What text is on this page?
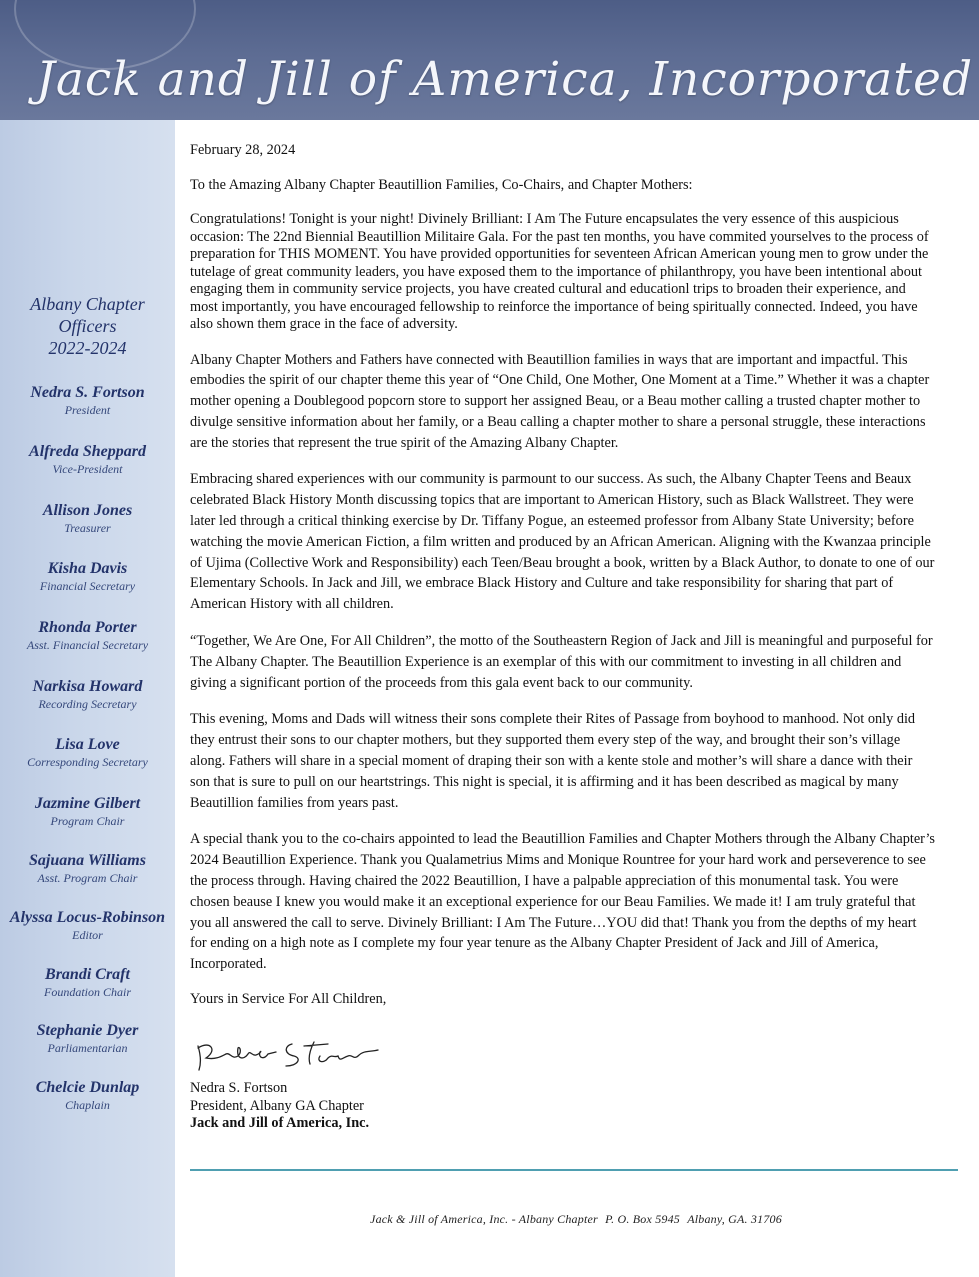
Jack and Jill of America, Incorporated
Albany Chapter
Officers
2022-2024
Nedra S. Fortson
President
Alfreda Sheppard
Vice-President
Allison Jones
Treasurer
Kisha Davis
Financial Secretary
Rhonda Porter
Asst. Financial Secretary
Narkisa Howard
Recording Secretary
Lisa Love
Corresponding Secretary
Jazmine Gilbert
Program Chair
Sajuana Williams
Asst. Program Chair
Alyssa Locus-Robinson
Editor
Brandi Craft
Foundation Chair
Stephanie Dyer
Parliamentarian
Chelcie Dunlap
Chaplain

February 28, 2024

To the Amazing Albany Chapter Beautillion Families, Co-Chairs, and Chapter Mothers:

Congratulations! Tonight is your night! Divinely Brilliant: I Am The Future encapsulates the very essence of this auspicious occasion: The 22nd Biennial Beautillion Militaire Gala. For the past ten months, you have commited yourselves to the process of preparation for THIS MOMENT. You have provided opportunities for seventeen African American young men to grow under the tutelage of great community leaders, you have exposed them to the importance of philanthropy, you have been intentional about engaging them in community service projects, you have created cultural and educationl trips to broaden their experience, and most importantly, you have encouraged fellowship to reinforce the importance of being spiritually connected. Indeed, you have also shown them grace in the face of adversity.

Albany Chapter Mothers and Fathers have connected with Beautillion families in ways that are important and impactful. This embodies the spirit of our chapter theme this year of “One Child, One Mother, One Moment at a Time.” Whether it was a chapter mother opening a Doublegood popcorn store to support her assigned Beau, or a Beau mother calling a trusted chapter mother to divulge sensitive information about her family, or a Beau calling a chapter mother to share a personal struggle, these interactions are the stories that represent the true spirit of the Amazing Albany Chapter.

Embracing shared experiences with our community is parmount to our success. As such, the Albany Chapter Teens and Beaux celebrated Black History Month discussing topics that are important to American History, such as Black Wallstreet. They were later led through a critical thinking exercise by Dr. Tiffany Pogue, an esteemed professor from Albany State University; before watching the movie American Fiction, a film written and produced by an African American. Aligning with the Kwanzaa principle of Ujima (Collective Work and Responsibility) each Teen/Beau brought a book, written by a Black Author, to donate to one of our Elementary Schools. In Jack and Jill, we embrace Black History and Culture and take responsibility for sharing that part of American History with all children.

“Together, We Are One, For All Children”, the motto of the Southeastern Region of Jack and Jill is meaningful and purposeful for The Albany Chapter. The Beautillion Experience is an exemplar of this with our commitment to investing in all children and giving a significant portion of the proceeds from this gala event back to our community.

This evening, Moms and Dads will witness their sons complete their Rites of Passage from boyhood to manhood. Not only did they entrust their sons to our chapter mothers, but they supported them every step of the way, and brought their son’s village along. Fathers will share in a special moment of draping their son with a kente stole and mother’s will share a dance with their son that is sure to pull on our heartstrings. This night is special, it is affirming and it has been described as magical by many Beautillion families from years past.

A special thank you to the co-chairs appointed to lead the Beautillion Families and Chapter Mothers through the Albany Chapter’s 2024 Beautillion Experience. Thank you Qualametrius Mims and Monique Rountree for your hard work and perseverence to see the process through. Having chaired the 2022 Beautillion, I have a palpable appreciation of this monumental task. You were chosen beause I knew you would make it an exceptional experience for our Beau Families. We made it! I am truly grateful that you all answered the call to serve. Divinely Brilliant: I Am The Future…YOU did that! Thank you from the depths of my heart for ending on a high note as I complete my four year tenure as the Albany Chapter President of Jack and Jill of America, Incorporated.

Yours in Service For All Children,

Nedra S. Fortson
President, Albany GA Chapter
Jack and Jill of America, Inc.
Jack & Jill of America, Inc. - Albany Chapter P. O. Box 5945 Albany, GA. 31706
